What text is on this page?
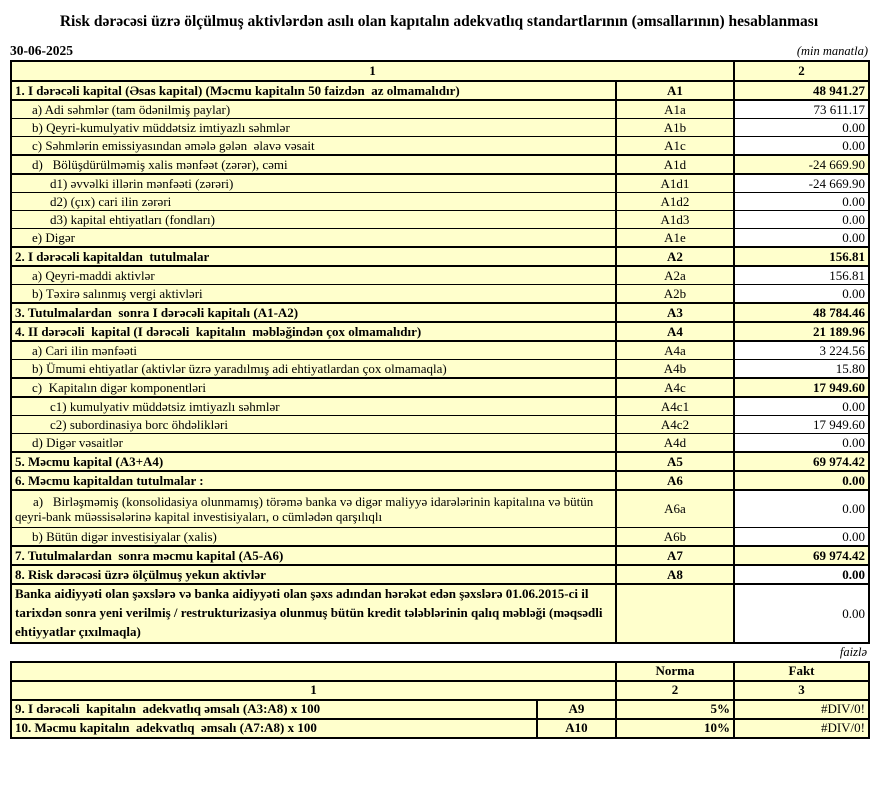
Risk dərəcəsi üzrə ölçülmuş aktivlərdən asılı olan kapıtalın adekvatlıq standartlarının (əmsallarının) hesablanması
30-06-2025	(min manatla)
1		2
1. I dərəcəli kapital (Əsas kapital) (Məcmu kapitalın 50 faizdən  az olmamalıdır)	A1	48 941.27
a) Adi səhmlər (tam ödənilmiş paylar)	A1a	73 611.17
b) Qeyri-kumulyativ müddətsiz imtiyazlı səhmlər	A1b	0.00
c) Səhmlərin emissiyasından əmələ gələn  əlavə vəsait	A1c	0.00
d)   Bölüşdürülməmiş xalis mənfəət (zərər), cəmi	A1d	-24 669.90
d1) əvvəlki illərin mənfəəti (zərəri)	A1d1	-24 669.90
d2) (çıx) cari ilin zərəri	A1d2	0.00
d3) kapital ehtiyatları (fondları)	A1d3	0.00
e) Digər	A1e	0.00
2. I dərəcəli kapitaldan  tutulmalar	A2	156.81
a) Qeyri-maddi aktivlər	A2a	156.81
b) Təxirə salınmış vergi aktivləri	A2b	0.00
3. Tutulmalardan  sonra I dərəcəli kapitalı (A1-A2)	A3	48 784.46
4. II dərəcəli  kapital (I dərəcəli  kapitalın  məbləğindən çox olmamalıdır)	A4	21 189.96
a) Cari ilin mənfəəti	A4a	3 224.56
b) Ümumi ehtiyatlar (aktivlər üzrə yaradılmış adi ehtiyatlardan çox olmamaqla)	A4b	15.80
c)  Kapitalın digər komponentləri	A4c	17 949.60
c1) kumulyativ müddətsiz imtiyazlı səhmlər	A4c1	0.00
c2) subordinasiya borc öhdəlikləri	A4c2	17 949.60
d) Digər vəsaitlər	A4d	0.00
5. Məcmu kapital (A3+A4)	A5	69 974.42
6. Məcmu kapitaldan tutulmalar :	A6	0.00
a)   Birləşməmiş (konsolidasiya olunmamış) törəmə banka və digər maliyyə idarələrinin kapitalına və bütün qeyri-bank müəssisələrinə kapital investisiyaları, o cümlədən qarşılıqlı	A6a	0.00
b) Bütün digər investisiyalar (xalis)	A6b	0.00
7. Tutulmalardan  sonra məcmu kapital (A5-A6)	A7	69 974.42
8. Risk dərəcəsi üzrə ölçülmuş yekun aktivlər	A8	0.00
Banka aidiyyəti olan şəxslərə və banka aidiyyəti olan şəxs adından hərəkət edən şəxslərə 01.06.2015-ci il tarixdən sonra yeni verilmiş / restrukturizasiya olunmuş bütün kredit tələblərinin qalıq məbləği (məqsədli ehtiyyatlar çıxılmaqla)		0.00
faizlə
		Norma	Fakt
1		2	3
9. I dərəcəli  kapitalın  adekvatlıq əmsalı (A3:A8) x 100	A9	5%	#DIV/0!
10. Məcmu kapitalın  adekvatlıq  əmsalı (A7:A8) x 100	A10	10%	#DIV/0!
